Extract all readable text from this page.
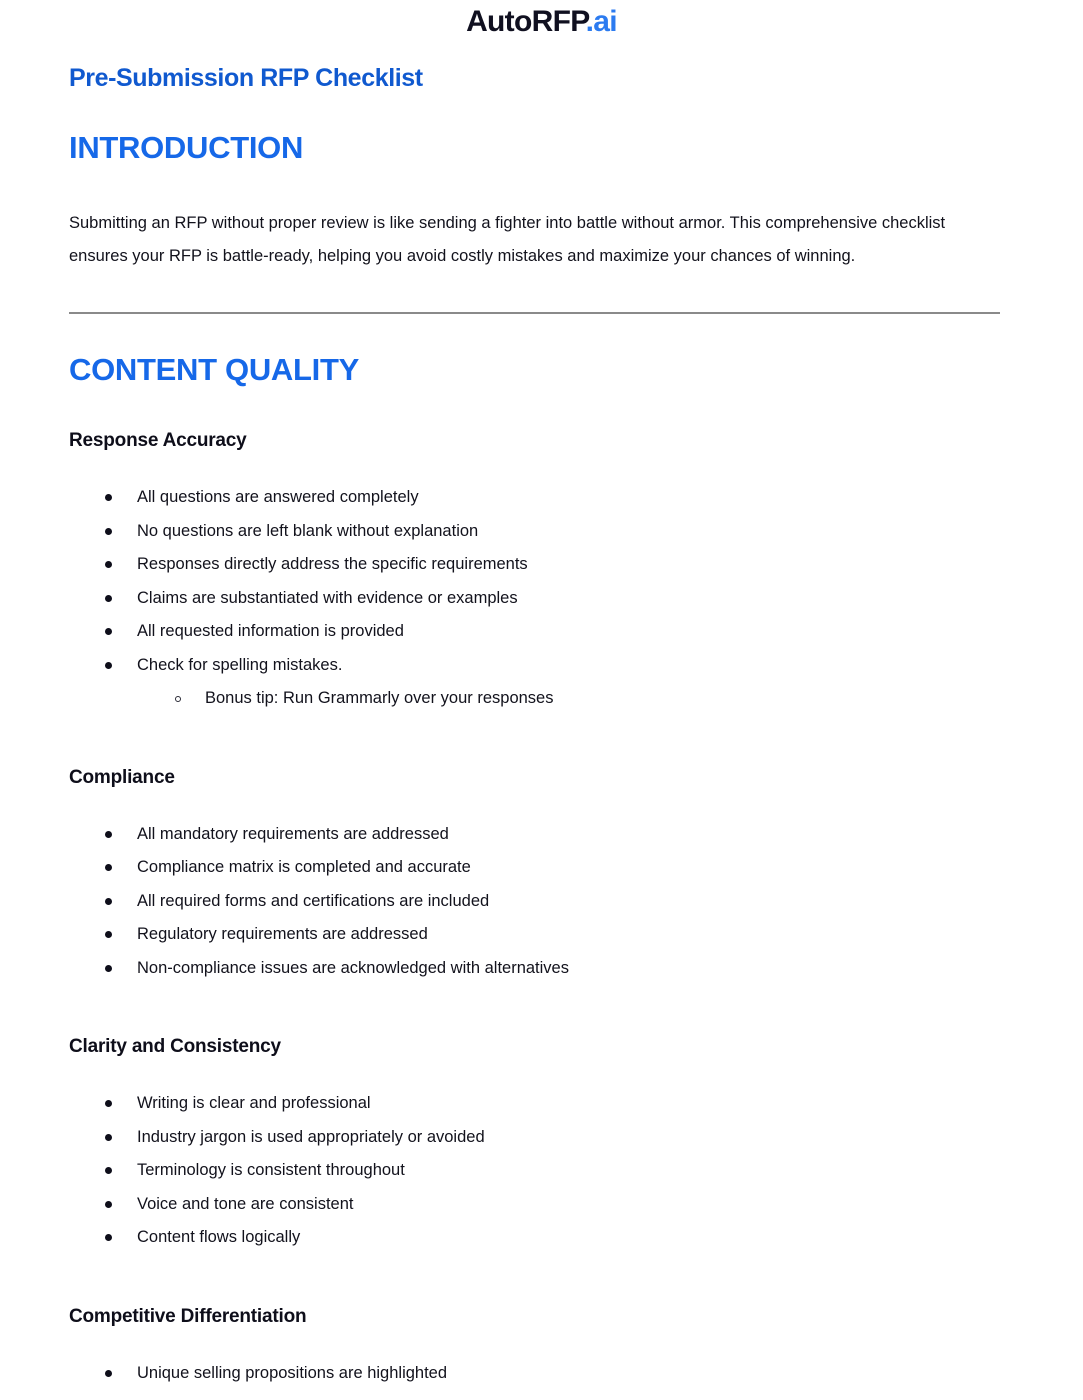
AutoRFP.ai
Pre-Submission RFP Checklist
INTRODUCTION

Submitting an RFP without proper review is like sending a fighter into battle without armor. This comprehensive checklist ensures your RFP is battle-ready, helping you avoid costly mistakes and maximize your chances of winning.

CONTENT QUALITY
Response Accuracy
All questions are answered completely
No questions are left blank without explanation
Responses directly address the specific requirements
Claims are substantiated with evidence or examples
All requested information is provided
Check for spelling mistakes.
Bonus tip: Run Grammarly over your responses
Compliance
All mandatory requirements are addressed
Compliance matrix is completed and accurate
All required forms and certifications are included
Regulatory requirements are addressed
Non-compliance issues are acknowledged with alternatives
Clarity and Consistency
Writing is clear and professional
Industry jargon is used appropriately or avoided
Terminology is consistent throughout
Voice and tone are consistent
Content flows logically
Competitive Differentiation
Unique selling propositions are highlighted
